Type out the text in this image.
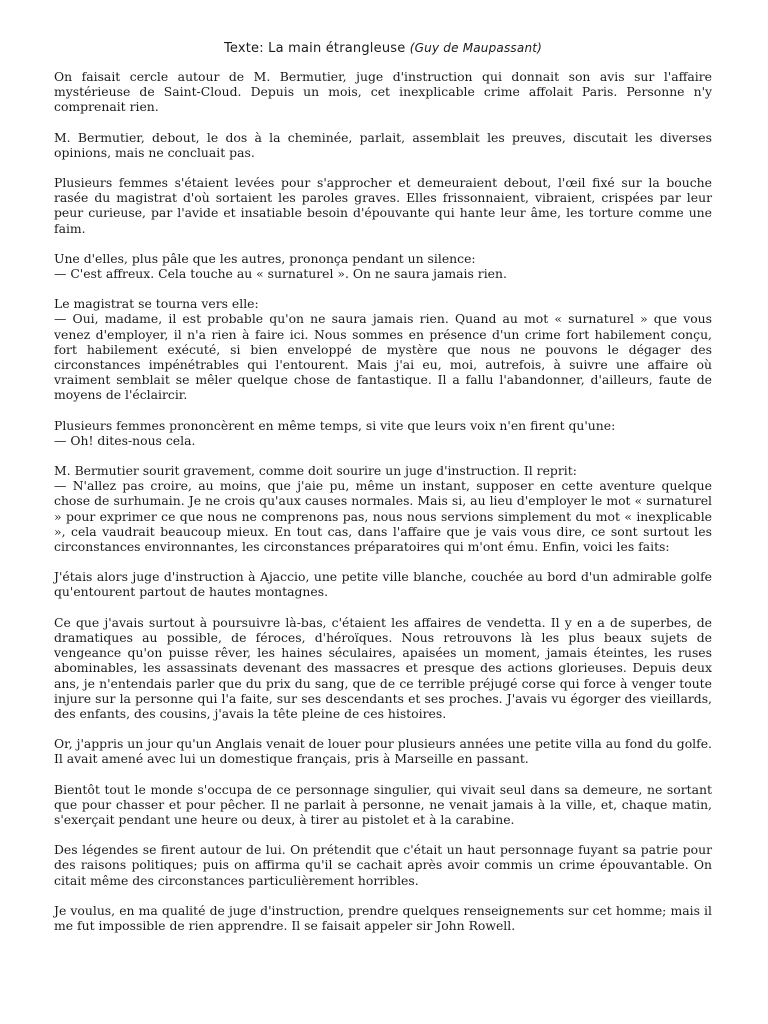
Texte: La main étrangleuse (Guy de Maupassant)
On faisait cercle autour de M. Bermutier, juge d'instruction qui donnait son avis sur l'affaire mystérieuse de Saint-Cloud. Depuis un mois, cet inexplicable crime affolait Paris. Personne n'y comprenait rien.
M. Bermutier, debout, le dos à la cheminée, parlait, assemblait les preuves, discutait les diverses opinions, mais ne concluait pas.
Plusieurs femmes s'étaient levées pour s'approcher et demeuraient debout, l'œil fixé sur la bouche rasée du magistrat d'où sortaient les paroles graves. Elles frissonnaient, vibraient, crispées par leur peur curieuse, par l'avide et insatiable besoin d'épouvante qui hante leur âme, les torture comme une faim.
Une d'elles, plus pâle que les autres, prononça pendant un silence:
— C'est affreux. Cela touche au « surnaturel ». On ne saura jamais rien.
Le magistrat se tourna vers elle:
— Oui, madame, il est probable qu'on ne saura jamais rien. Quand au mot « surnaturel » que vous venez d'employer, il n'a rien à faire ici. Nous sommes en présence d'un crime fort habilement conçu, fort habilement exécuté, si bien enveloppé de mystère que nous ne pouvons le dégager des circonstances impénétrables qui l'entourent. Mais j'ai eu, moi, autrefois, à suivre une affaire où vraiment semblait se mêler quelque chose de fantastique. Il a fallu l'abandonner, d'ailleurs, faute de moyens de l'éclaircir.
Plusieurs femmes prononcèrent en même temps, si vite que leurs voix n'en firent qu'une:
— Oh! dites-nous cela.
M. Bermutier sourit gravement, comme doit sourire un juge d'instruction. Il reprit:
— N'allez pas croire, au moins, que j'aie pu, même un instant, supposer en cette aventure quelque chose de surhumain. Je ne crois qu'aux causes normales. Mais si, au lieu d'employer le mot « surnaturel » pour exprimer ce que nous ne comprenons pas, nous nous servions simplement du mot « inexplicable », cela vaudrait beaucoup mieux. En tout cas, dans l'affaire que je vais vous dire, ce sont surtout les circonstances environnantes, les circonstances préparatoires qui m'ont ému. Enfin, voici les faits:
J'étais alors juge d'instruction à Ajaccio, une petite ville blanche, couchée au bord d'un admirable golfe qu'entourent partout de hautes montagnes.
Ce que j'avais surtout à poursuivre là-bas, c'étaient les affaires de vendetta. Il y en a de superbes, de dramatiques au possible, de féroces, d'héroïques. Nous retrouvons là les plus beaux sujets de vengeance qu'on puisse rêver, les haines séculaires, apaisées un moment, jamais éteintes, les ruses abominables, les assassinats devenant des massacres et presque des actions glorieuses. Depuis deux ans, je n'entendais parler que du prix du sang, que de ce terrible préjugé corse qui force à venger toute injure sur la personne qui l'a faite, sur ses descendants et ses proches. J'avais vu égorger des vieillards, des enfants, des cousins, j'avais la tête pleine de ces histoires.
Or, j'appris un jour qu'un Anglais venait de louer pour plusieurs années une petite villa au fond du golfe. Il avait amené avec lui un domestique français, pris à Marseille en passant.
Bientôt tout le monde s'occupa de ce personnage singulier, qui vivait seul dans sa demeure, ne sortant que pour chasser et pour pêcher. Il ne parlait à personne, ne venait jamais à la ville, et, chaque matin, s'exerçait pendant une heure ou deux, à tirer au pistolet et à la carabine.
Des légendes se firent autour de lui. On prétendit que c'était un haut personnage fuyant sa patrie pour des raisons politiques; puis on affirma qu'il se cachait après avoir commis un crime épouvantable. On citait même des circonstances particulièrement horribles.
Je voulus, en ma qualité de juge d'instruction, prendre quelques renseignements sur cet homme; mais il me fut impossible de rien apprendre. Il se faisait appeler sir John Rowell.
